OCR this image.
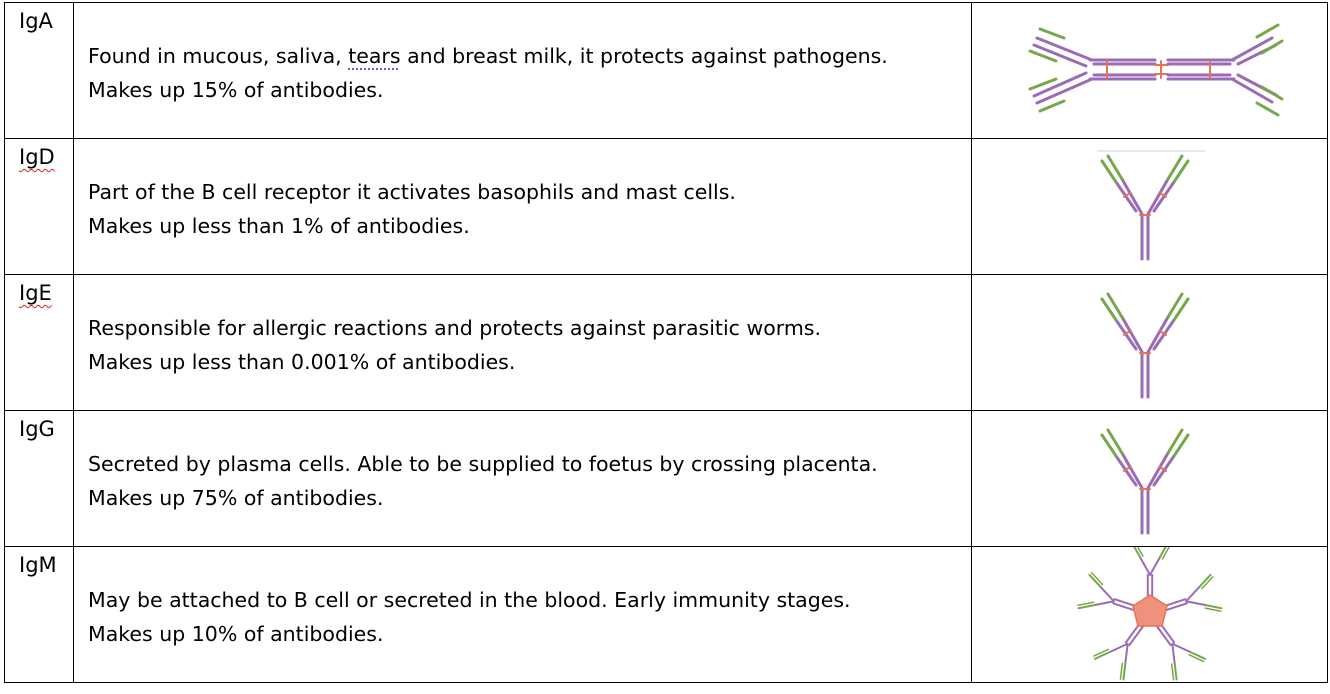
IgA	Found in mucous, saliva, tears and breast milk, it protects against pathogens.
Makes up 15% of antibodies.

IgD	Part of the B cell receptor it activates basophils and mast cells.
Makes up less than 1% of antibodies.

IgE	Responsible for allergic reactions and protects against parasitic worms.
Makes up less than 0.001% of antibodies.

IgG	Secreted by plasma cells. Able to be supplied to foetus by crossing placenta.
Makes up 75% of antibodies.

IgM	May be attached to B cell or secreted in the blood. Early immunity stages.
Makes up 10% of antibodies.
